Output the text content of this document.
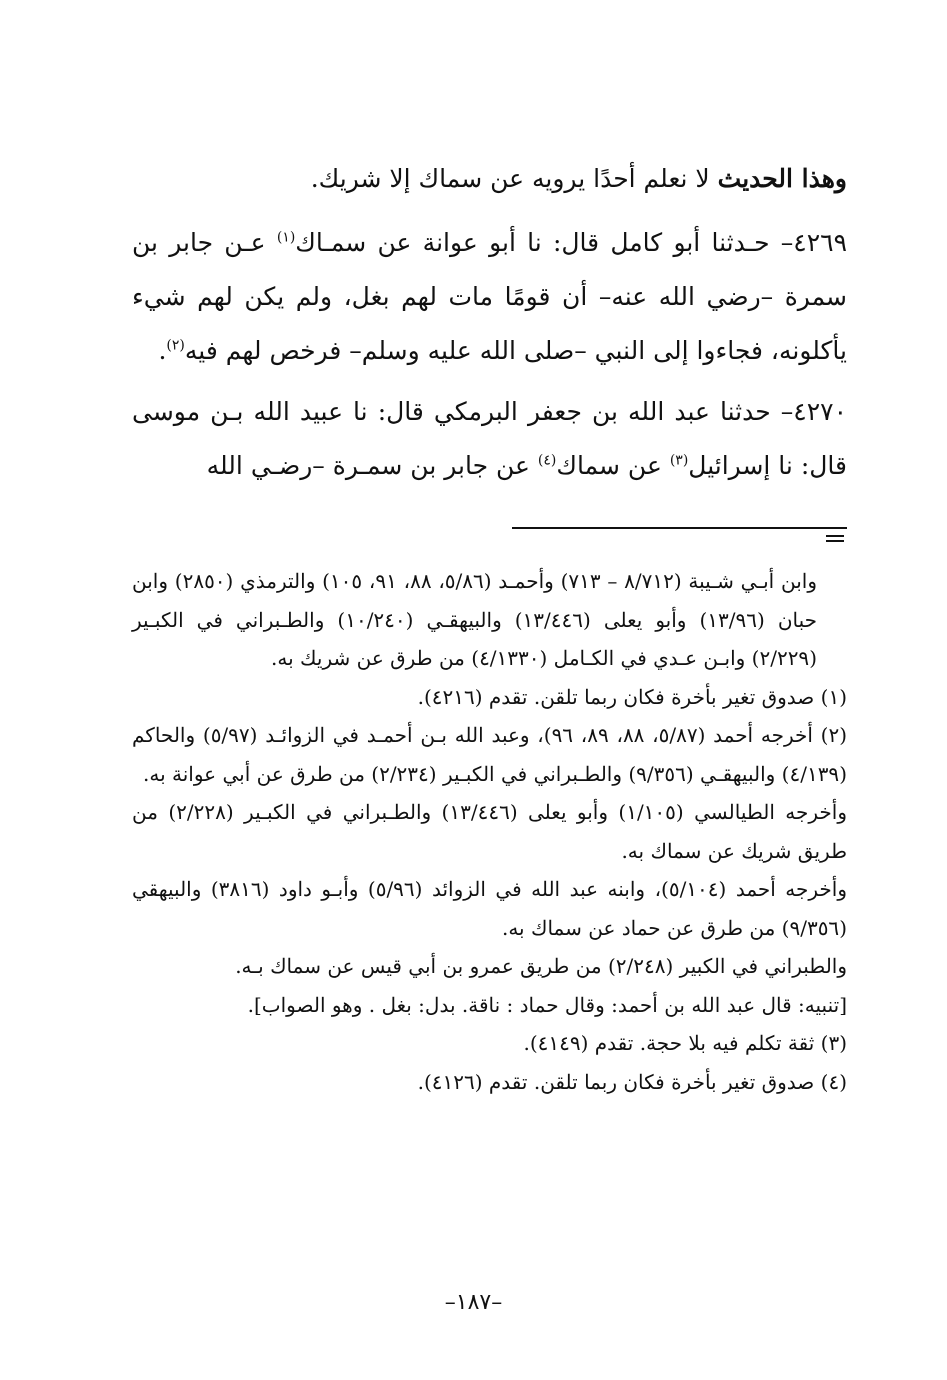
وهذا الحديث لا نعلم أحدًا يرويه عن سماك إلا شريك.

٤٢٦٩– حـدثنا أبو كامل قال: نا أبو عوانة عن سمـاك$^{(١)}$ عـن جابر بن سمرة –رضي الله عنه– أن قومًا مات لهم بغل، ولم يكن لهم شيء يأكلونه، فجاءوا إلى النبي –صلى الله عليه وسلم– فرخص لهم فيه$^{(٢)}$.

٤٢٧٠– حدثنا عبد الله بن جعفر البرمكي قال: نا عبيد الله بـن موسى قال: نا إسرائيل$^{(٣)}$ عن سماك$^{(٤)}$ عن جابر بن سمـرة –رضـي الله

وابن أبـي شـيبة (٨/٧١٢ – ٧١٣) وأحمـد (٥/٨٦، ٨٨، ٩١، ١٠٥) والترمذي (٢٨٥٠) وابن حبان (١٣/٩٦) وأبو يعلى (١٣/٤٤٦) والبيهقـي (١٠/٢٤٠) والطـبراني في الكبـير (٢/٢٢٩) وابـن عـدي في الكـامل (٤/١٣٣٠) من طرق عن شريك به.

(١) صدوق تغير بأخرة فكان ربما تلقن. تقدم (٤٢١٦).

(٢) أخرجه أحمد (٥/٨٧، ٨٨، ٨٩، ٩٦)، وعبد الله بـن أحمـد في الزوائـد (٥/٩٧) والحاكم (٤/١٣٩) والبيهقـي (٩/٣٥٦) والطـبراني في الكبـير (٢/٢٣٤) من طرق عن أبي عوانة به.

وأخرجه الطيالسي (١/١٠٥) وأبو يعلى (١٣/٤٤٦) والطـبراني في الكبـير (٢/٢٢٨) من طريق شريك عن سماك به.

وأخرجه أحمد (٥/١٠٤)، وابنه عبد الله في الزوائد (٥/٩٦) وأبـو داود (٣٨١٦) والبيهقي (٩/٣٥٦) من طرق عن حماد عن سماك به.

والطبراني في الكبير (٢/٢٤٨) من طريق عمرو بن أبي قيس عن سماك بـه.

[تنبيه: قال عبد الله بن أحمد: وقال حماد : ناقة. بدل: بغل . وهو الصواب].

(٣) ثقة تكلم فيه بلا حجة. تقدم (٤١٤٩).

(٤) صدوق تغير بأخرة فكان ربما تلقن. تقدم (٤١٢٦).

–١٨٧–
